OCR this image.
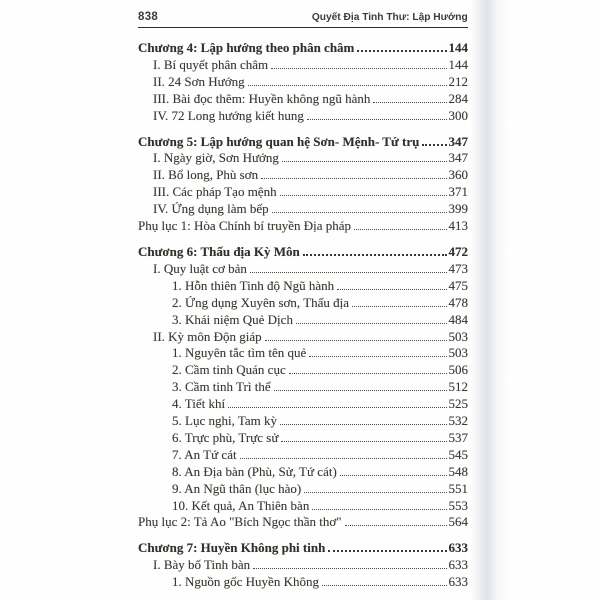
838	Quyết Địa Tinh Thư: Lập Hướng
Chương 4: Lập hướng theo phân châm	144
I. Bí quyết phân châm	144
II. 24 Sơn Hướng	212
III. Bài đọc thêm: Huyền không ngũ hành	284
IV. 72 Long hướng kiết hung	300
Chương 5: Lập hướng quan hệ Sơn- Mệnh- Tứ trụ 347
I. Ngày giờ, Sơn Hướng	347
II. Bổ long, Phù sơn	360
III. Các pháp Tạo mệnh	371
IV. Ứng dụng làm bếp	399
Phụ lục 1: Hòa Chính bí truyền Địa pháp	413
Chương 6: Thấu địa Kỳ Môn	472
I. Quy luật cơ bản	473
1. Hỗn thiên Tinh độ Ngũ hành	475
2. Ứng dụng Xuyên sơn, Thấu địa	478
3. Khái niệm Quẻ Dịch	484
II. Kỳ môn Độn giáp	503
1. Nguyên tắc tìm tên quẻ	503
2. Cầm tinh Quán cục	506
3. Cầm tinh Trì thể	512
4. Tiết khí	525
5. Lục nghi, Tam kỳ	532
6. Trực phù, Trực sử	537
7. An Tứ cát	545
8. An Địa bàn (Phù, Sử, Tứ cát)	548
9. An Ngũ thân (lục hào)	551
10. Kết quả, An Thiên bàn	553
Phụ lục 2: Tả Ao "Bích Ngọc thần thơ"	564
Chương 7: Huyền Không phi tinh	633
I. Bày bố Tinh bàn	633
1. Nguồn gốc Huyền Không	633
